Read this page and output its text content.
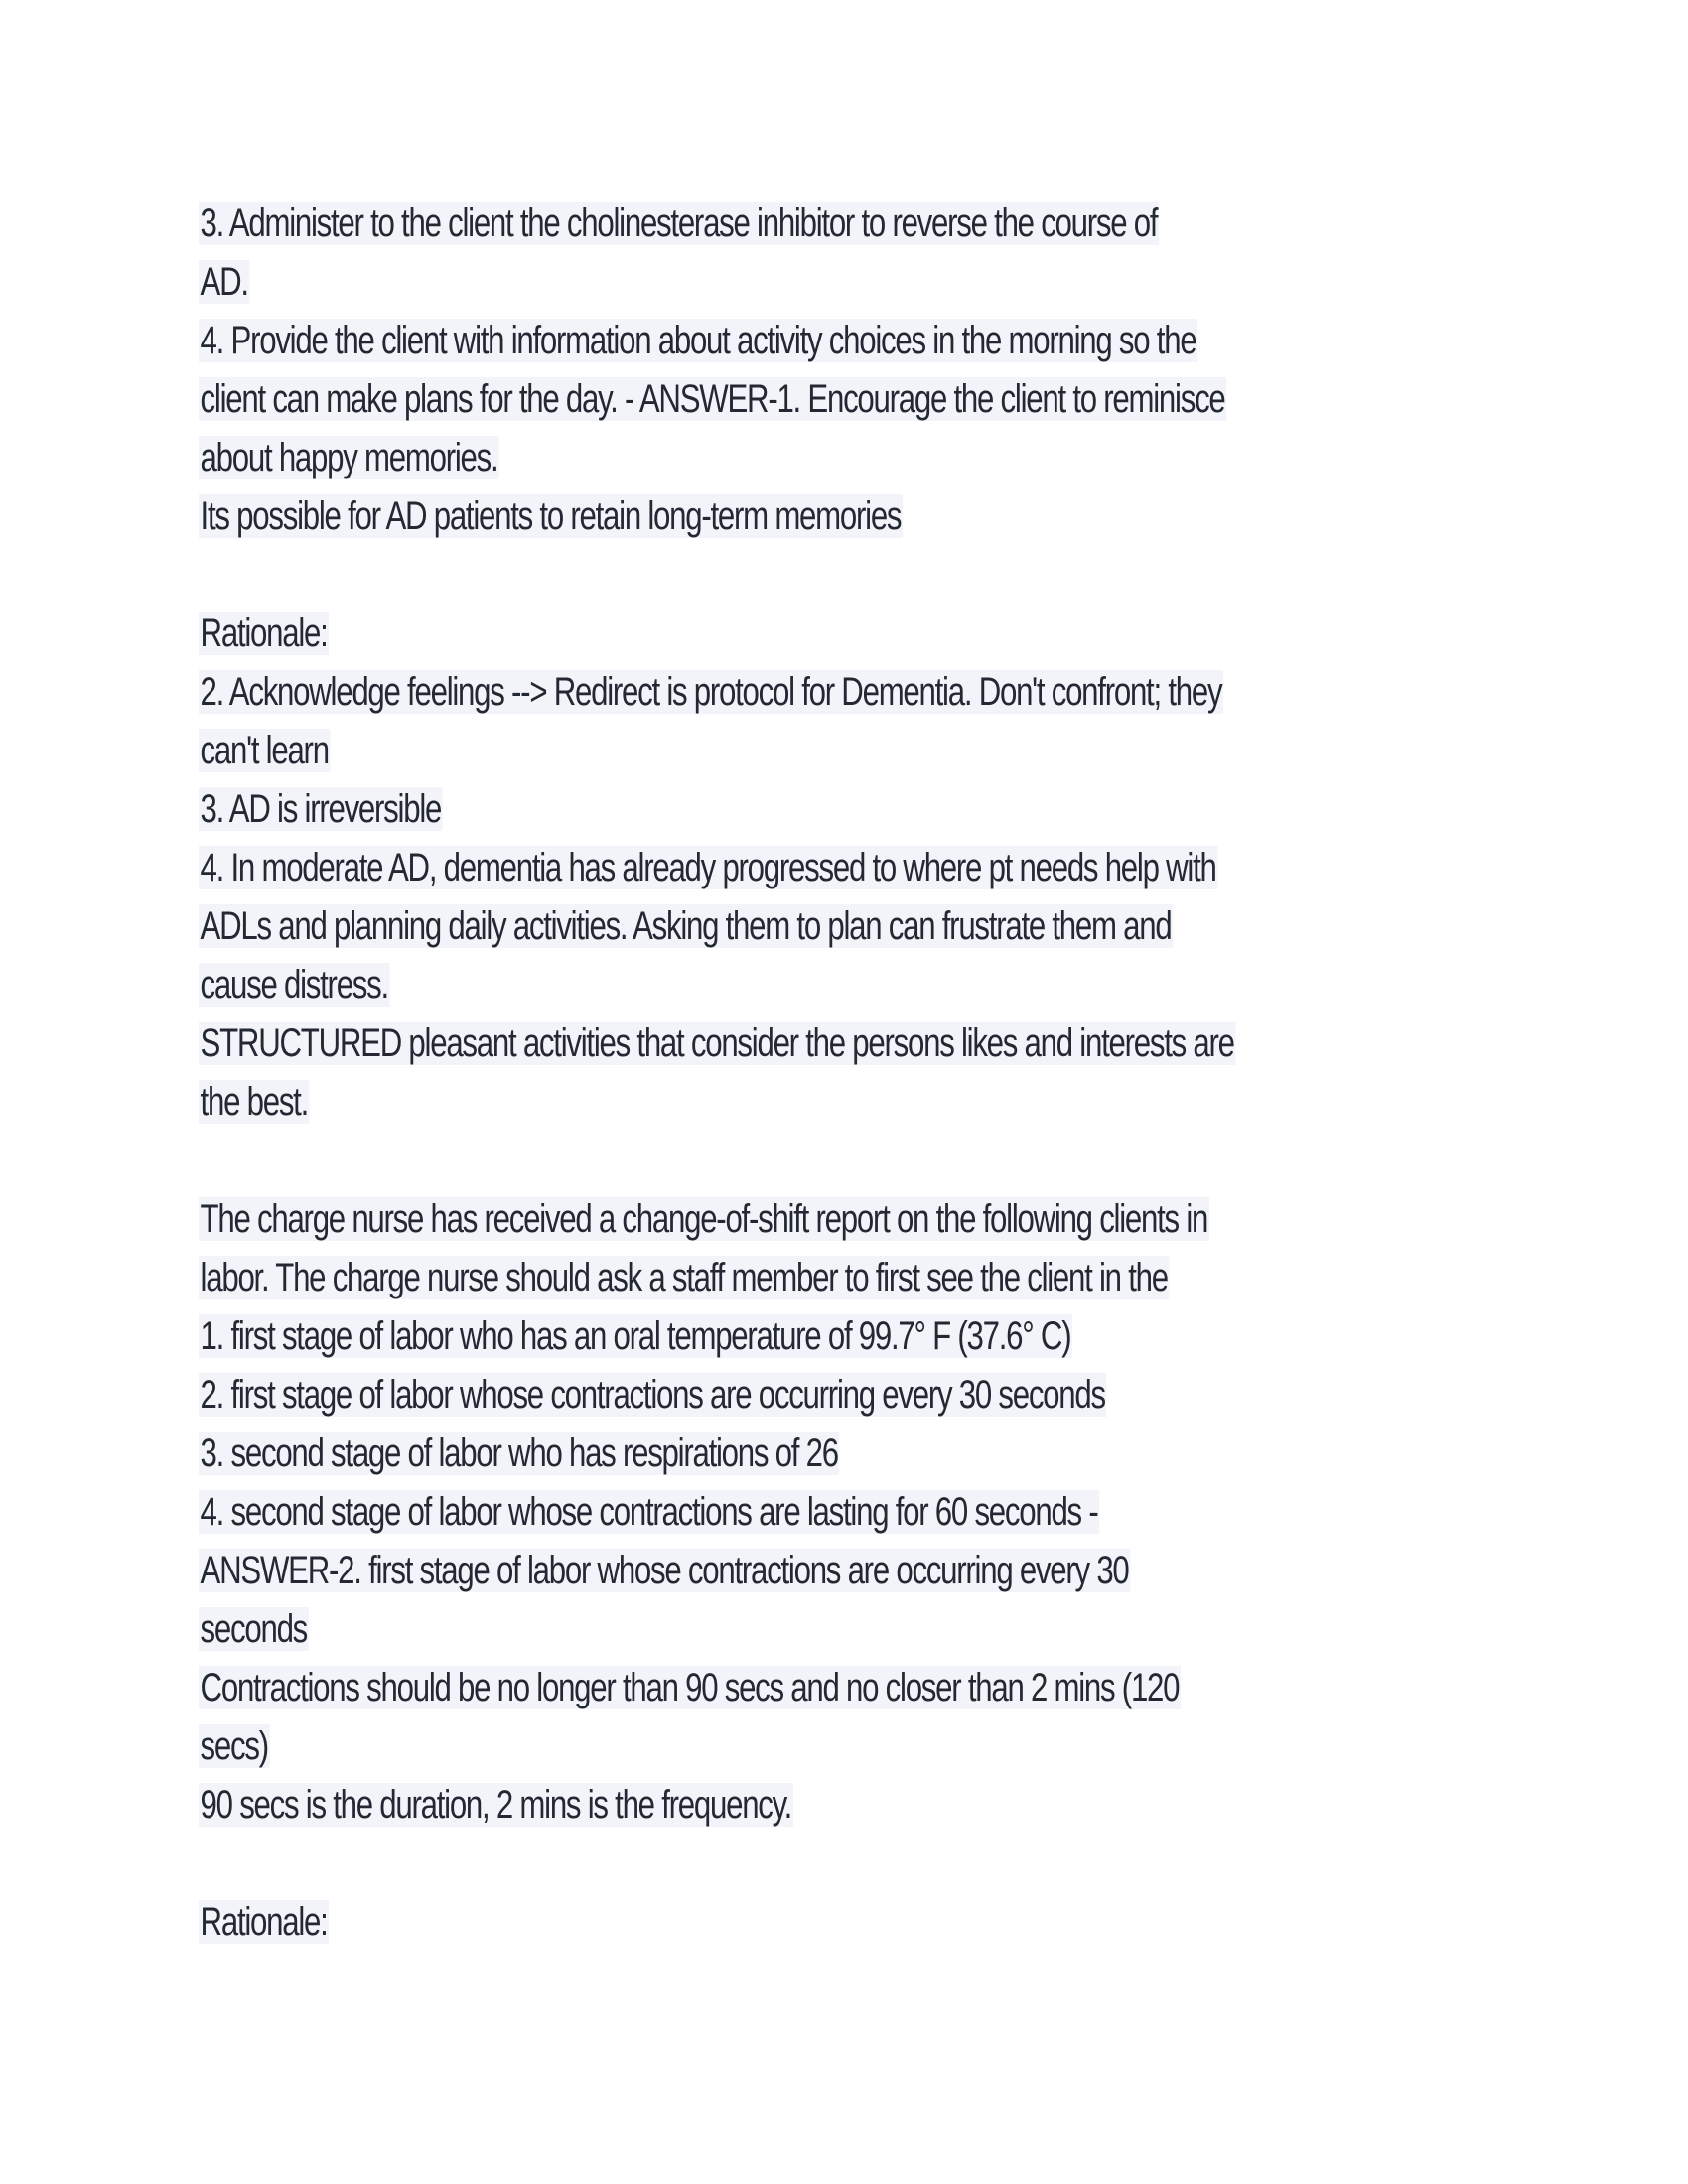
3. Administer to the client the cholinesterase inhibitor to reverse the course of
AD.
4. Provide the client with information about activity choices in the morning so the
client can make plans for the day. - ANSWER-1. Encourage the client to reminisce
about happy memories.
Its possible for AD patients to retain long-term memories
Rationale:
2. Acknowledge feelings --> Redirect is protocol for Dementia. Don't confront; they
can't learn
3. AD is irreversible
4. In moderate AD, dementia has already progressed to where pt needs help with
ADLs and planning daily activities. Asking them to plan can frustrate them and
cause distress.
STRUCTURED pleasant activities that consider the persons likes and interests are
the best.
The charge nurse has received a change-of-shift report on the following clients in
labor. The charge nurse should ask a staff member to first see the client in the
1. first stage of labor who has an oral temperature of 99.7° F (37.6° C)
2. first stage of labor whose contractions are occurring every 30 seconds
3. second stage of labor who has respirations of 26
4. second stage of labor whose contractions are lasting for 60 seconds -
ANSWER-2. first stage of labor whose contractions are occurring every 30
seconds
Contractions should be no longer than 90 secs and no closer than 2 mins (120
secs)
90 secs is the duration, 2 mins is the frequency.
Rationale:
